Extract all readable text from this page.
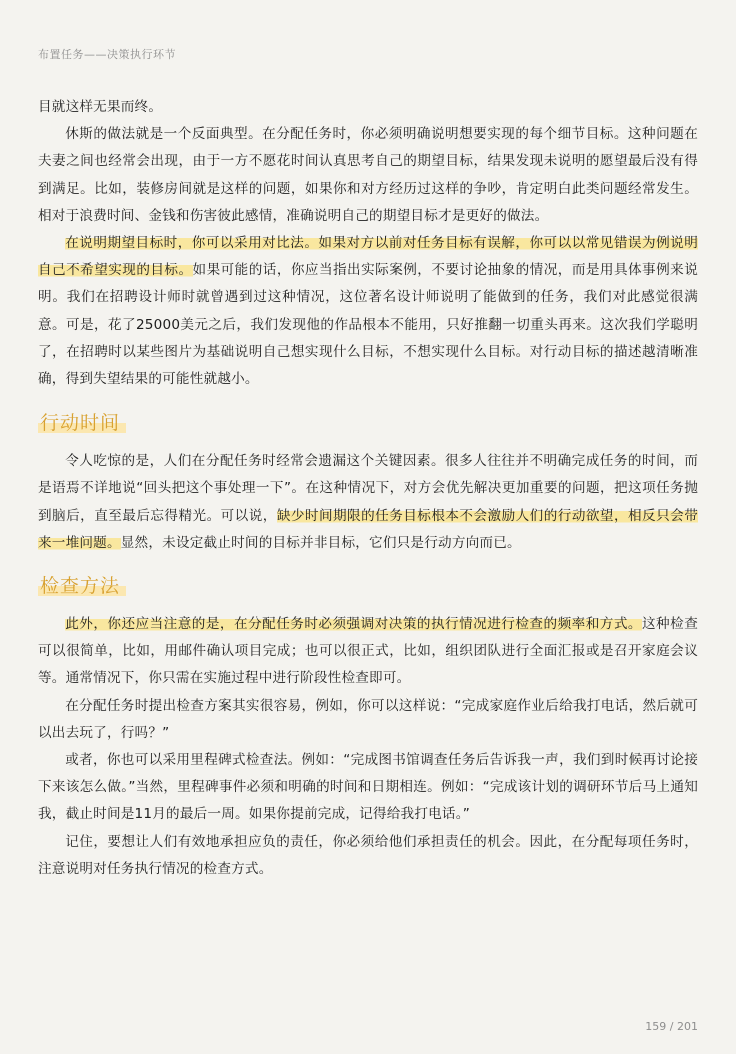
布置任务——决策执行环节

目就这样无果而终。

休斯的做法就是一个反面典型。在分配任务时，你必须明确说明想要实现的每个细节目标。这种问题在夫妻之间也经常会出现，由于一方不愿花时间认真思考自己的期望目标，结果发现未说明的愿望最后没有得到满足。比如，装修房间就是这样的问题，如果你和对方经历过这样的争吵，肯定明白此类问题经常发生。相对于浪费时间、金钱和伤害彼此感情，准确说明自己的期望目标才是更好的做法。

在说明期望目标时，你可以采用对比法。如果对方以前对任务目标有误解，你可以以常见错误为例说明自己不希望实现的目标。如果可能的话，你应当指出实际案例，不要讨论抽象的情况，而是用具体事例来说明。我们在招聘设计师时就曾遇到过这种情况，这位著名设计师说明了能做到的任务，我们对此感觉很满意。可是，花了25000美元之后，我们发现他的作品根本不能用，只好推翻一切重头再来。这次我们学聪明了，在招聘时以某些图片为基础说明自己想实现什么目标，不想实现什么目标。对行动目标的描述越清晰准确，得到失望结果的可能性就越小。

行动时间

令人吃惊的是，人们在分配任务时经常会遗漏这个关键因素。很多人往往并不明确完成任务的时间，而是语焉不详地说“回头把这个事处理一下”。在这种情况下，对方会优先解决更加重要的问题，把这项任务抛到脑后，直至最后忘得精光。可以说，缺少时间期限的任务目标根本不会激励人们的行动欲望，相反只会带来一堆问题。显然，未设定截止时间的目标并非目标，它们只是行动方向而已。

检查方法

此外，你还应当注意的是，在分配任务时必须强调对决策的执行情况进行检查的频率和方式。这种检查可以很简单，比如，用邮件确认项目完成；也可以很正式，比如，组织团队进行全面汇报或是召开家庭会议等。通常情况下，你只需在实施过程中进行阶段性检查即可。

在分配任务时提出检查方案其实很容易，例如，你可以这样说：“完成家庭作业后给我打电话，然后就可以出去玩了，行吗？”

或者，你也可以采用里程碑式检查法。例如：“完成图书馆调查任务后告诉我一声，我们到时候再讨论接下来该怎么做。”当然，里程碑事件必须和明确的时间和日期相连。例如：“完成该计划的调研环节后马上通知我，截止时间是11月的最后一周。如果你提前完成，记得给我打电话。”

记住，要想让人们有效地承担应负的责任，你必须给他们承担责任的机会。因此，在分配每项任务时，注意说明对任务执行情况的检查方式。

159 / 201
